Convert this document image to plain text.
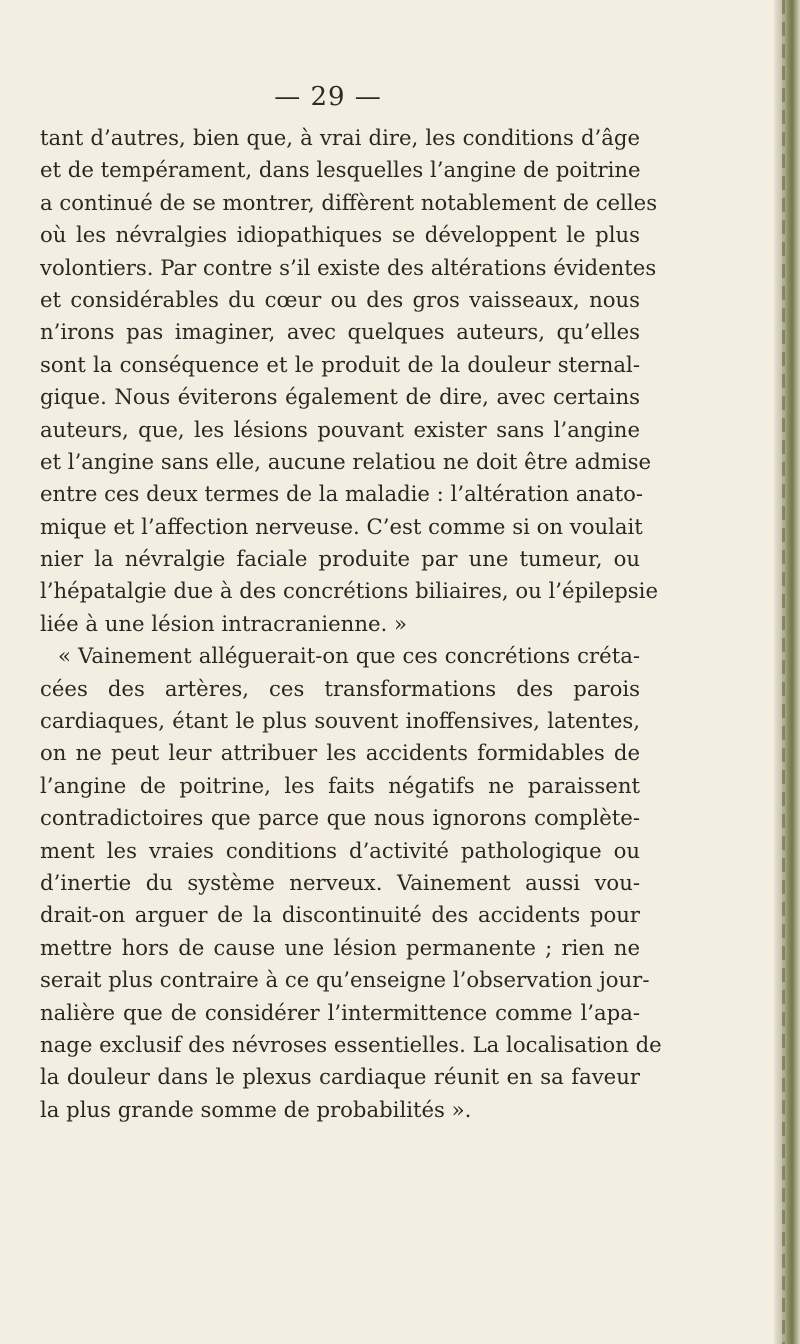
— 29 —
tant d’autres, bien que, à vrai dire, les conditions d’âge
et de tempérament, dans lesquelles l’angine de poitrine
a continué de se montrer, diffèrent notablement de celles
où les névralgies idiopathiques se développent le plus
volontiers. Par contre s’il existe des altérations évidentes
et considérables du cœur ou des gros vaisseaux, nous
n’irons pas imaginer, avec quelques auteurs, qu’elles
sont la conséquence et le produit de la douleur sternal-
gique. Nous éviterons également de dire, avec certains
auteurs, que, les lésions pouvant exister sans l’angine
et l’angine sans elle, aucune relatiou ne doit être admise
entre ces deux termes de la maladie : l’altération anato-
mique et l’affection nerveuse. C’est comme si on voulait
nier la névralgie faciale produite par une tumeur, ou
l’hépatalgie due à des concrétions biliaires, ou l’épilepsie
liée à une lésion intracranienne. »
« Vainement alléguerait-on que ces concrétions créta-
cées des artères, ces transformations des parois
cardiaques, étant le plus souvent inoffensives, latentes,
on ne peut leur attribuer les accidents formidables de
l’angine de poitrine, les faits négatifs ne paraissent
contradictoires que parce que nous ignorons complète-
ment les vraies conditions d’activité pathologique ou
d’inertie du système nerveux. Vainement aussi vou-
drait-on arguer de la discontinuité des accidents pour
mettre hors de cause une lésion permanente ; rien ne
serait plus contraire à ce qu’enseigne l’observation jour-
nalière que de considérer l’intermittence comme l’apa-
nage exclusif des névroses essentielles. La localisation de
la douleur dans le plexus cardiaque réunit en sa faveur
la plus grande somme de probabilités ».
